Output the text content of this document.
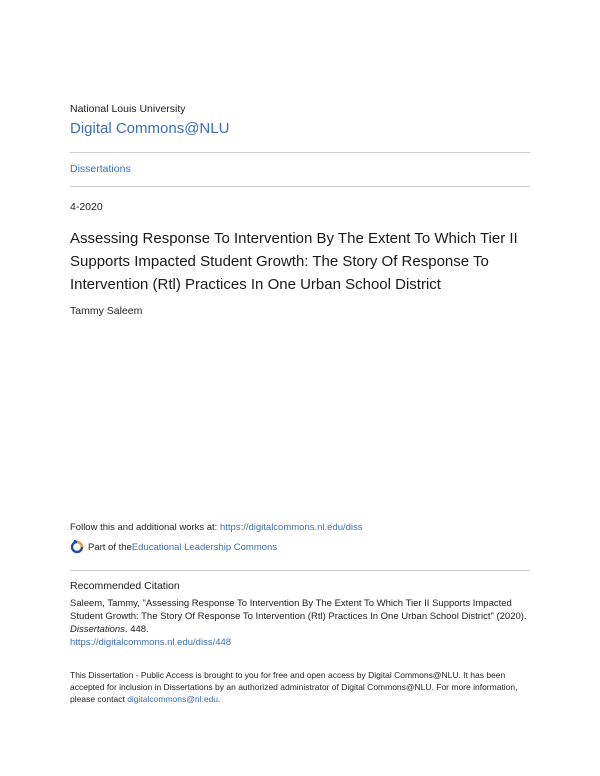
National Louis University
Digital Commons@NLU
Dissertations
4-2020
Assessing Response To Intervention By The Extent To Which Tier II Supports Impacted Student Growth: The Story Of Response To Intervention (Rtl) Practices In One Urban School District
Tammy Saleem
Follow this and additional works at: https://digitalcommons.nl.edu/diss
Part of the Educational Leadership Commons
Recommended Citation
Saleem, Tammy, "Assessing Response To Intervention By The Extent To Which Tier II Supports Impacted Student Growth: The Story Of Response To Intervention (Rtl) Practices In One Urban School District" (2020). Dissertations. 448.
https://digitalcommons.nl.edu/diss/448
This Dissertation - Public Access is brought to you for free and open access by Digital Commons@NLU. It has been accepted for inclusion in Dissertations by an authorized administrator of Digital Commons@NLU. For more information, please contact digitalcommons@nl.edu.
